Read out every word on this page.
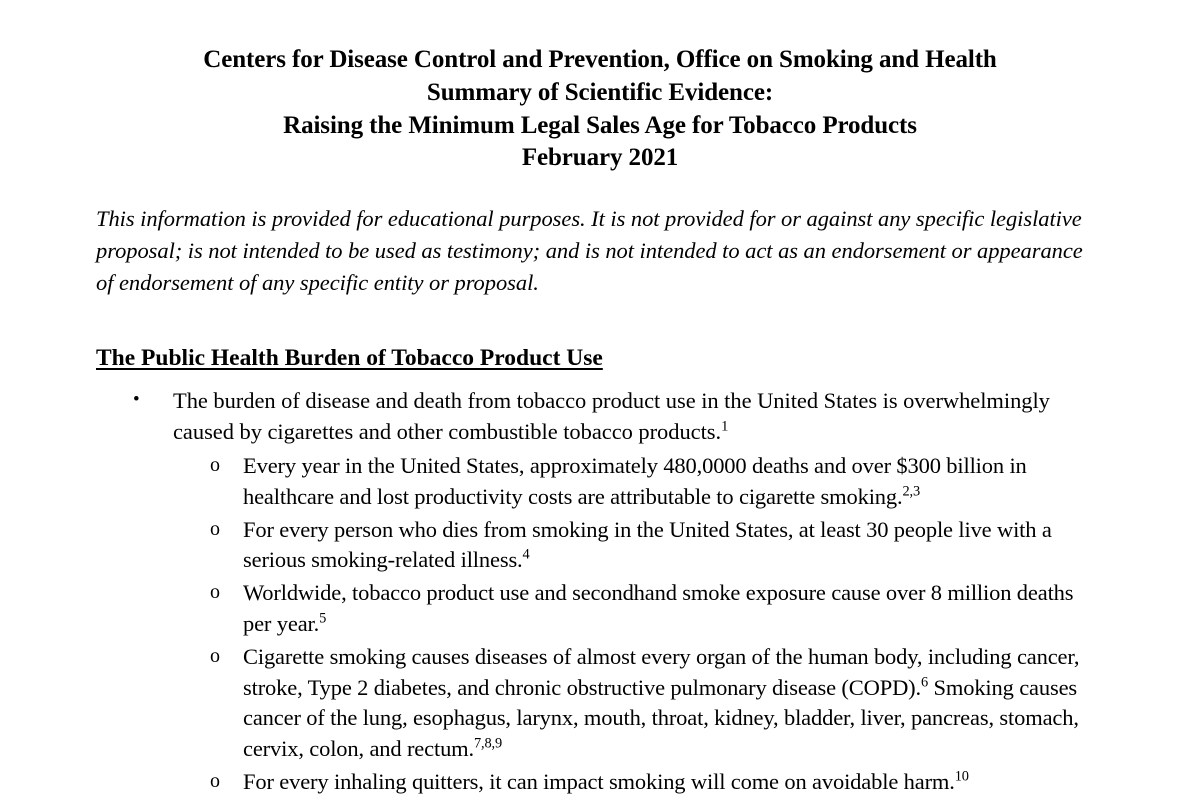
Centers for Disease Control and Prevention, Office on Smoking and Health
Summary of Scientific Evidence:
Raising the Minimum Legal Sales Age for Tobacco Products
February 2021

This information is provided for educational purposes. It is not provided for or against any specific legislative proposal; is not intended to be used as testimony; and is not intended to act as an endorsement or appearance of endorsement of any specific entity or proposal.

The Public Health Burden of Tobacco Product Use
• The burden of disease and death from tobacco product use in the United States is overwhelmingly caused by cigarettes and other combustible tobacco products.$^1$
o Every year in the United States, approximately 480,0000 deaths and over $300 billion in healthcare and lost productivity costs are attributable to cigarette smoking.$^{2,3}$
o For every person who dies from smoking in the United States, at least 30 people live with a serious smoking-related illness.$^4$
o Worldwide, tobacco product use and secondhand smoke exposure cause over 8 million deaths per year.$^5$
o Cigarette smoking causes diseases of almost every organ of the human body, including cancer, stroke, Type 2 diabetes, and chronic obstructive pulmonary disease (COPD).$^6$ Smoking causes cancer of the lung, esophagus, larynx, mouth, throat, kidney, bladder, liver, pancreas, stomach, cervix, colon, and rectum.$^{7,8,9}$
o For every inhaling quitters, it can impact smoking will come on avoidable harm.$^{10}$
